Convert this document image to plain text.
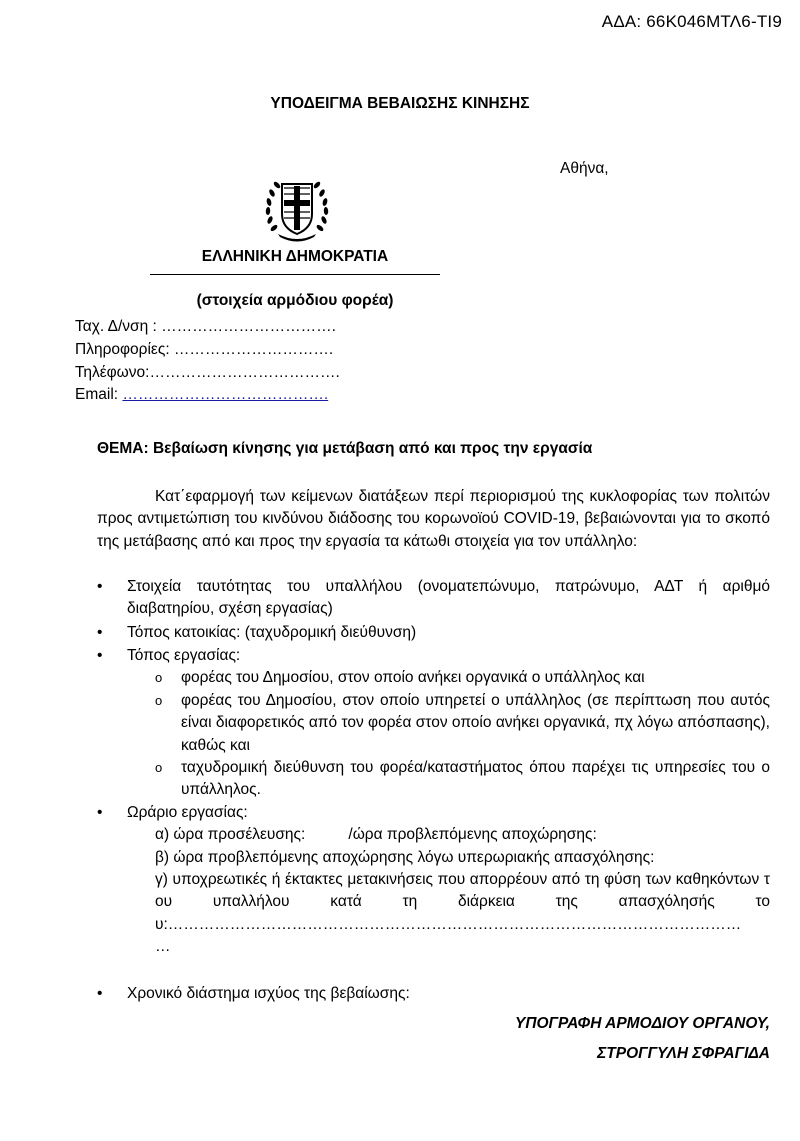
ΑΔΑ: 66Κ046ΜΤΛ6-ΤΙ9
ΥΠΟΔΕΙΓΜΑ ΒΕΒΑΙΩΣΗΣ ΚΙΝΗΣΗΣ
Αθήνα,
ΕΛΛΗΝΙΚΗ ΔΗΜΟΚΡΑΤΙΑ
(στοιχεία αρμόδιου φορέα)
Ταχ. Δ/νση : …………………………….
Πληροφορίες: ………………………….
Τηλέφωνο:……………………………….
Email: ………………………………….
ΘΕΜΑ: Βεβαίωση κίνησης για μετάβαση από και προς την εργασία
Κατ΄εφαρμογή των κείμενων διατάξεων περί περιορισμού της κυκλοφορίας των πολιτών προς αντιμετώπιση του κινδύνου διάδοσης του κορωνοϊού COVID-19, βεβαιώνονται για το σκοπό της μετάβασης από και προς την εργασία τα κάτωθι στοιχεία για τον υπάλληλο:
•	Στοιχεία ταυτότητας του υπαλλήλου (ονοματεπώνυμο, πατρώνυμο, ΑΔΤ ή αριθμό διαβατηρίου, σχέση εργασίας)
•	Τόπος κατοικίας: (ταχυδρομική διεύθυνση)
•	Τόπος εργασίας:
o	φορέας του Δημοσίου, στον οποίο ανήκει οργανικά ο υπάλληλος και
o	φορέας του Δημοσίου, στον οποίο υπηρετεί ο υπάλληλος (σε περίπτωση που αυτός είναι διαφορετικός από τον φορέα στον οποίο ανήκει οργανικά, πχ λόγω απόσπασης), καθώς και
o	ταχυδρομική διεύθυνση του φορέα/καταστήματος όπου παρέχει τις υπηρεσίες του ο υπάλληλος.
•	Ωράριο εργασίας:
α) ώρα προσέλευσης:          /ώρα προβλεπόμενης αποχώρησης:
β) ώρα προβλεπόμενης αποχώρησης λόγω υπερωριακής απασχόλησης:
γ) υποχρεωτικές ή έκτακτες μετακινήσεις που απορρέουν από τη φύση των καθηκόντων του υπαλλήλου κατά τη διάρκεια της απασχόλησής του:…………………………………………………………………………………………………
…
•	Χρονικό διάστημα ισχύος της βεβαίωσης:
ΥΠΟΓΡΑΦΗ ΑΡΜΟΔΙΟΥ ΟΡΓΑΝΟΥ,
ΣΤΡΟΓΓΥΛΗ ΣΦΡΑΓΙΔΑ
